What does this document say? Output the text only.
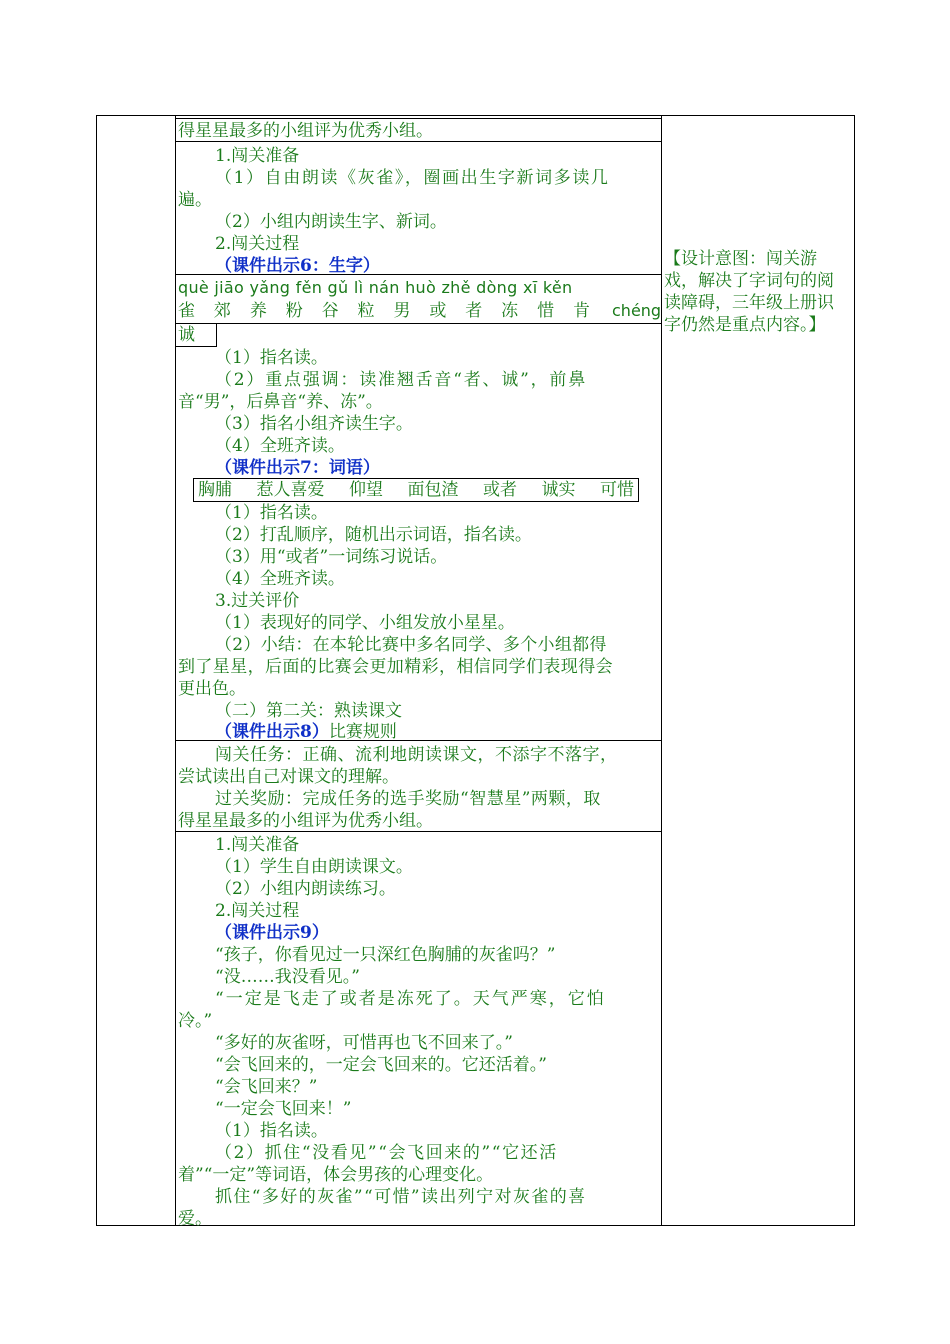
得星星最多的小组评为优秀小组。
1.闯关准备
（1）自由朗读《灰雀》，圈画出生字新词多读几
遍。
（2）小组内朗读生字、新词。
2.闯关过程
（课件出示6：生字）
què jiāo yǎng fěn gǔ lì nán huò zhě dòng xī kěn
雀 郊 养 粉 谷 粒 男 或 者 冻 惜 肯 chéng
诚
（1）指名读。
（2）重点强调：读准翘舌音“者、诚”，前鼻
音“男”，后鼻音“养、冻”。
（3）指名小组齐读生字。
（4）全班齐读。
（课件出示7：词语）
胸脯 惹人喜爱 仰望 面包渣 或者 诚实 可惜
（1）指名读。
（2）打乱顺序，随机出示词语，指名读。
（3）用“或者”一词练习说话。
（4）全班齐读。
3.过关评价
（1）表现好的同学、小组发放小星星。
（2）小结：在本轮比赛中多名同学、多个小组都得
到了星星，后面的比赛会更加精彩，相信同学们表现得会
更出色。
（二）第二关：熟读课文
（课件出示8）比赛规则
闯关任务：正确、流利地朗读课文，不添字不落字，
尝试读出自己对课文的理解。
过关奖励：完成任务的选手奖励“智慧星”两颗，取
得星星最多的小组评为优秀小组。
1.闯关准备
（1）学生自由朗读课文。
（2）小组内朗读练习。
2.闯关过程
（课件出示9）
“孩子，你看见过一只深红色胸脯的灰雀吗？”
“没……我没看见。”
“一定是飞走了或者是冻死了。天气严寒，它怕
冷。”
“多好的灰雀呀，可惜再也飞不回来了。”
“会飞回来的，一定会飞回来的。它还活着。”
“会飞回来？”
“一定会飞回来！”
（1）指名读。
（2）抓住“没看见”“会飞回来的”“它还活
着”“一定”等词语，体会男孩的心理变化。
抓住“多好的灰雀”“可惜”读出列宁对灰雀的喜
爱。
【设计意图：闯关游戏，解决了字词句的阅读障碍，三年级上册识字仍然是重点内容。】
